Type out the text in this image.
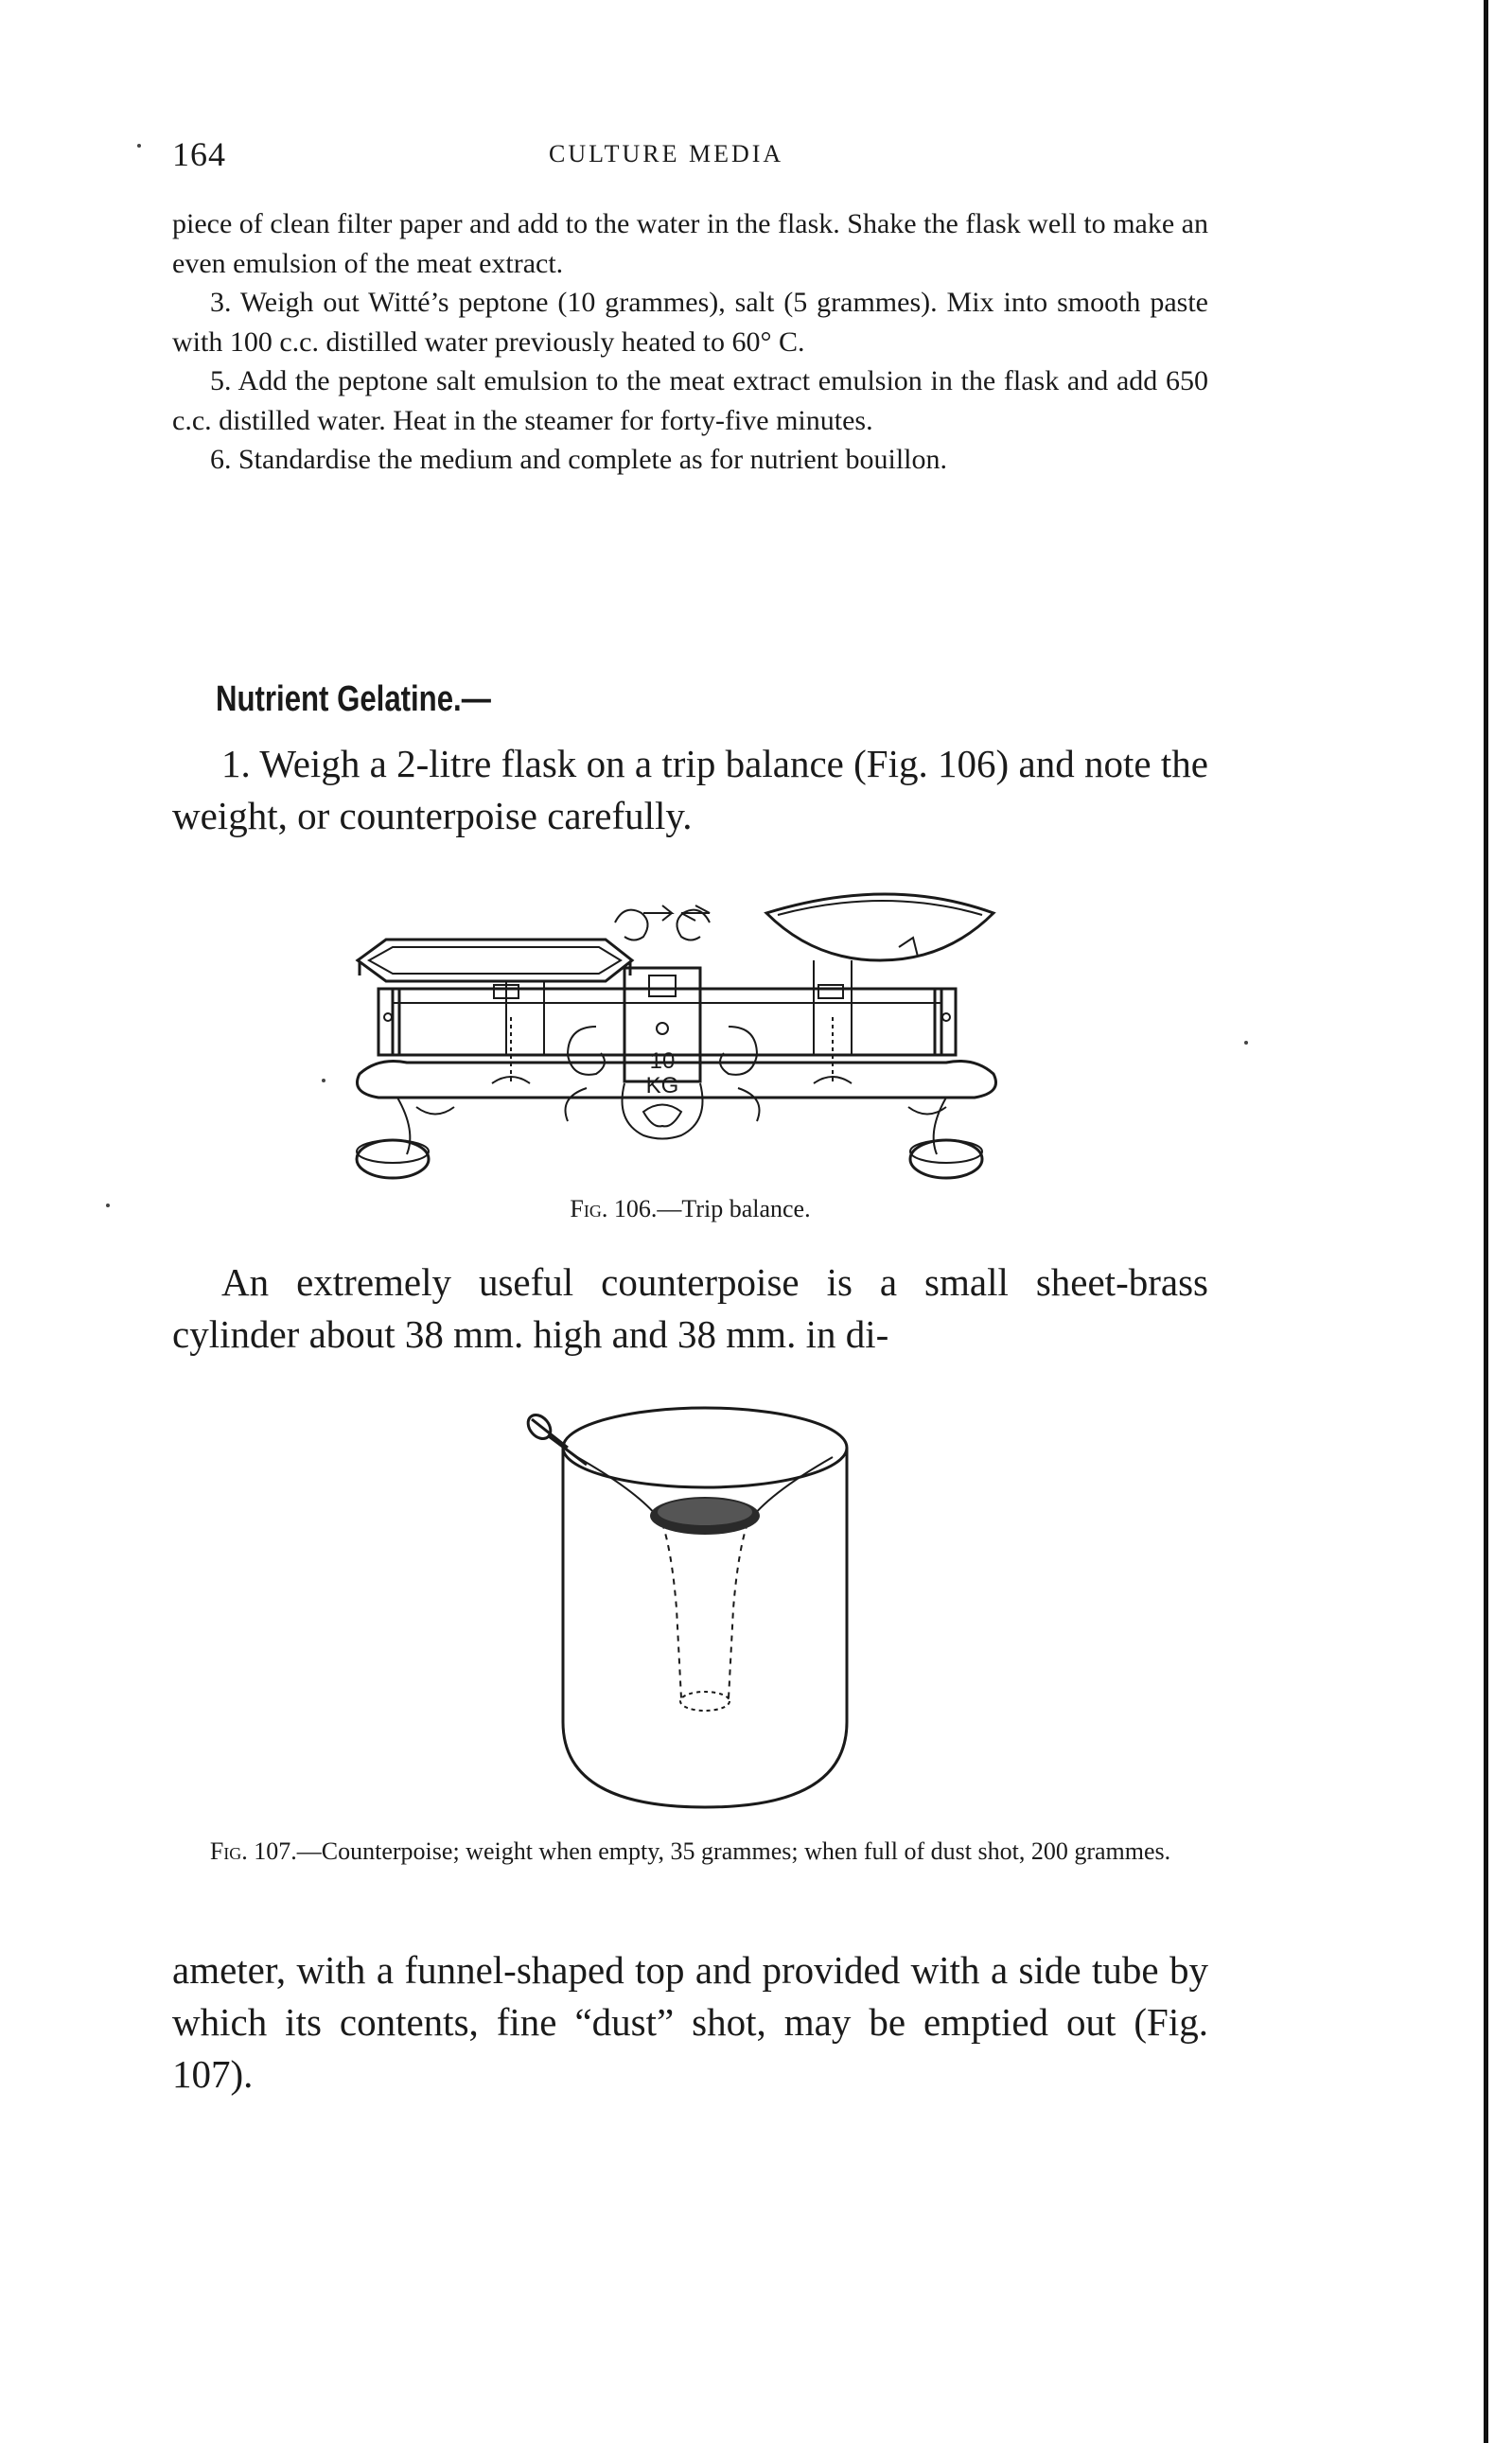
164	CULTURE MEDIA

piece of clean filter paper and add to the water in the flask. Shake the flask well to make an even emulsion of the meat extract.

3. Weigh out Witté’s peptone (10 grammes), salt (5 grammes). Mix into smooth paste with 100 c.c. distilled water previously heated to 60° C.

5. Add the peptone salt emulsion to the meat extract emulsion in the flask and add 650 c.c. distilled water. Heat in the steamer for forty-five minutes.

6. Standardise the medium and complete as for nutrient bouillon.

Nutrient Gelatine.—

1. Weigh a 2-litre flask on a trip balance (Fig. 106) and note the weight, or counterpoise carefully.

10
KG
Fig. 106.—Trip balance.

An extremely useful counterpoise is a small sheet-brass cylinder about 38 mm. high and 38 mm. in di-

Fig. 107.—Counterpoise; weight when empty, 35 grammes; when full of dust shot, 200 grammes.

ameter, with a funnel-shaped top and provided with a side tube by which its contents, fine “dust” shot, may be emptied out (Fig. 107).
